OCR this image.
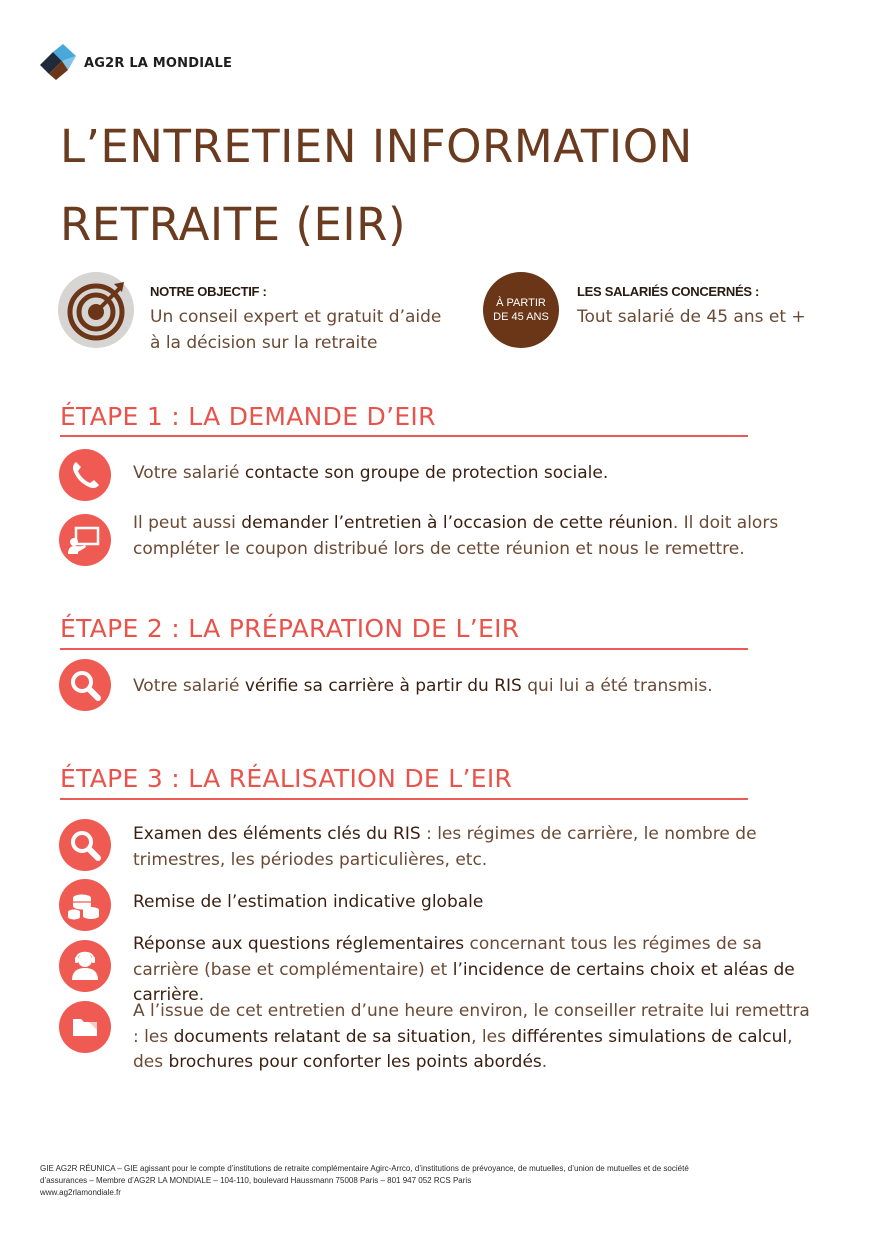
AG2R LA MONDIALE
L’ENTRETIEN INFORMATION
RETRAITE (EIR)
NOTRE OBJECTIF :
Un conseil expert et gratuit d’aide
à la décision sur la retraite
À PARTIR
DE 45 ANS
LES SALARIÉS CONCERNÉS :
Tout salarié de 45 ans et +
ÉTAPE 1 : LA DEMANDE D’EIR
Votre salarié contacte son groupe de protection sociale.
Il peut aussi demander l’entretien à l’occasion de cette réunion. Il doit alors compléter le coupon distribué lors de cette réunion et nous le remettre.
ÉTAPE 2 : LA PRÉPARATION DE L’EIR
Votre salarié vérifie sa carrière à partir du RIS qui lui a été transmis.
ÉTAPE 3 : LA RÉALISATION DE L’EIR
Examen des éléments clés du RIS : les régimes de carrière, le nombre de trimestres, les périodes particulières, etc.
Remise de l’estimation indicative globale
Réponse aux questions réglementaires concernant tous les régimes de sa carrière (base et complémentaire) et l’incidence de certains choix et aléas de carrière.
A l’issue de cet entretien d’une heure environ, le conseiller retraite lui remettra : les documents relatant de sa situation, les différentes simulations de calcul, des brochures pour conforter les points abordés.
GIE AG2R RÉUNICA – GIE agissant pour le compte d’institutions de retraite complémentaire Agirc-Arrco, d’institutions de prévoyance, de mutuelles, d’union de mutuelles et de société
d’assurances – Membre d’AG2R LA MONDIALE – 104-110, boulevard Haussmann 75008 Paris – 801 947 052 RCS Paris
www.ag2rlamondiale.fr
